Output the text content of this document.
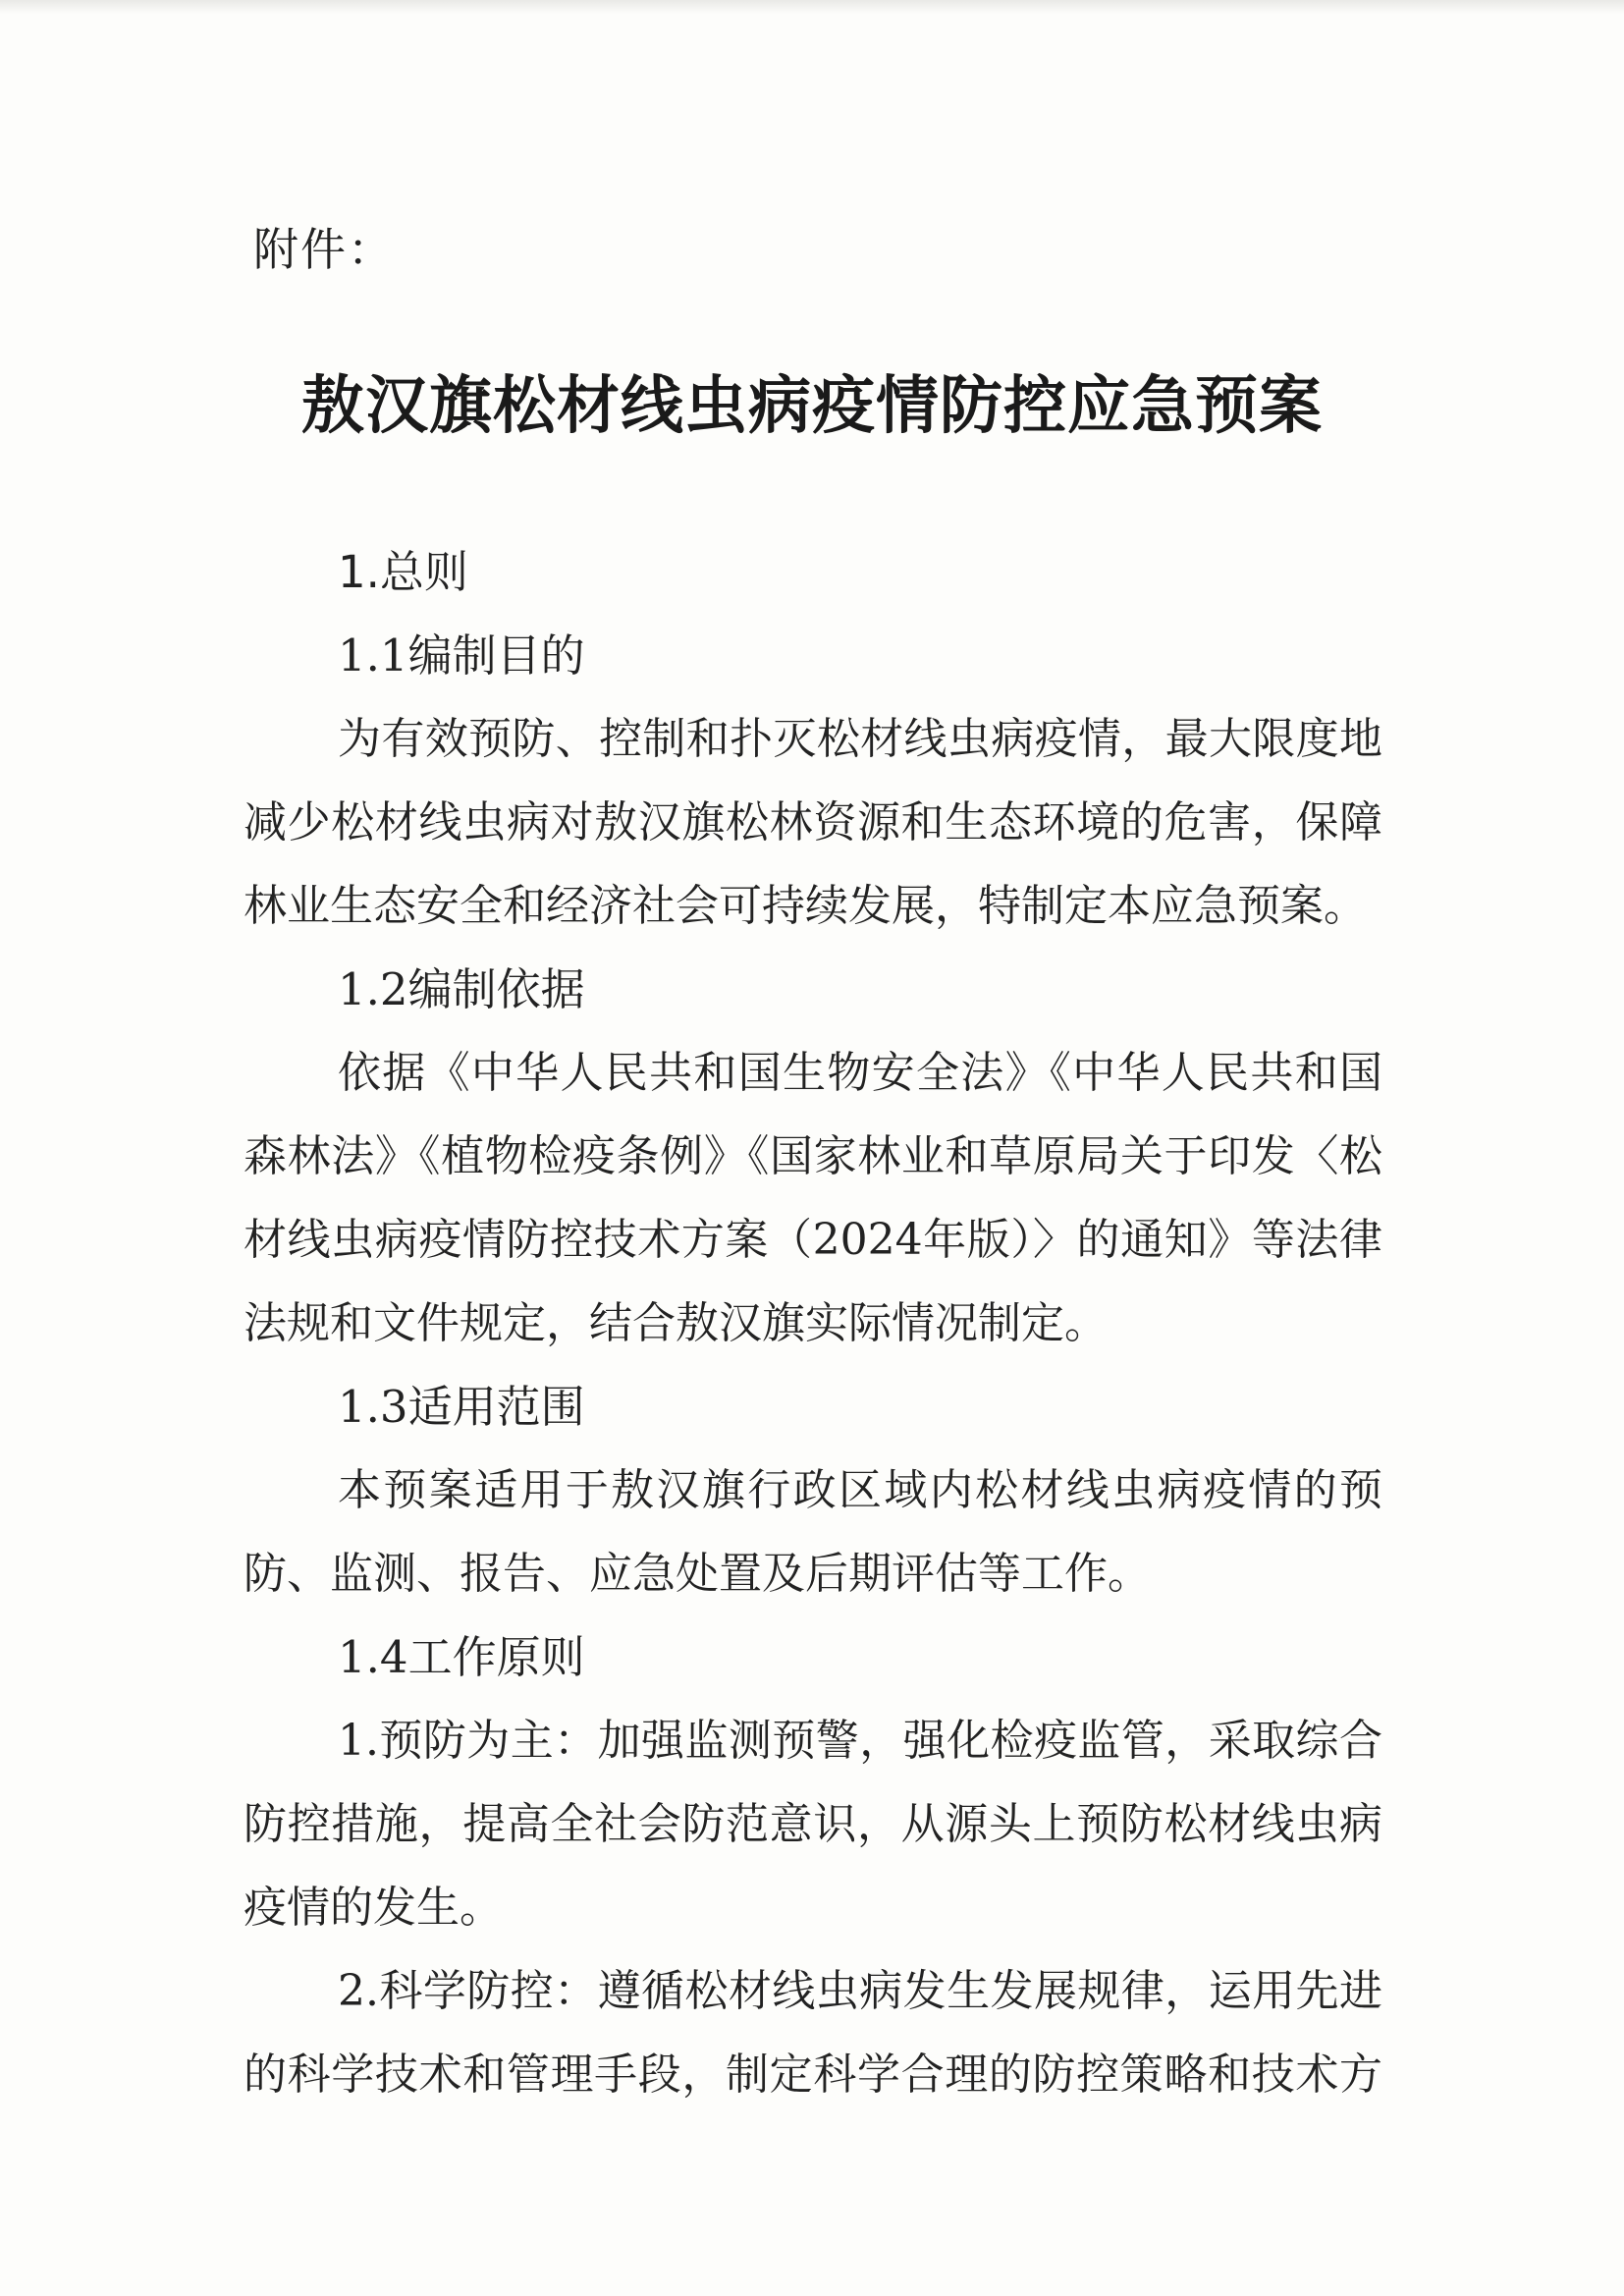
附件：
敖汉旗松材线虫病疫情防控应急预案
1.总则
1.1编制目的
为有效预防、控制和扑灭松材线虫病疫情，最大限度地
减少松材线虫病对敖汉旗松林资源和生态环境的危害，保障
林业生态安全和经济社会可持续发展，特制定本应急预案。
1.2编制依据
依据《中华人民共和国生物安全法》《中华人民共和国
森林法》《植物检疫条例》《国家林业和草原局关于印发〈松
材线虫病疫情防控技术方案（2024年版）〉的通知》等法律
法规和文件规定，结合敖汉旗实际情况制定。
1.3适用范围
本预案适用于敖汉旗行政区域内松材线虫病疫情的预
防、监测、报告、应急处置及后期评估等工作。
1.4工作原则
1.预防为主：加强监测预警，强化检疫监管，采取综合
防控措施，提高全社会防范意识，从源头上预防松材线虫病
疫情的发生。
2.科学防控：遵循松材线虫病发生发展规律，运用先进
的科学技术和管理手段，制定科学合理的防控策略和技术方
